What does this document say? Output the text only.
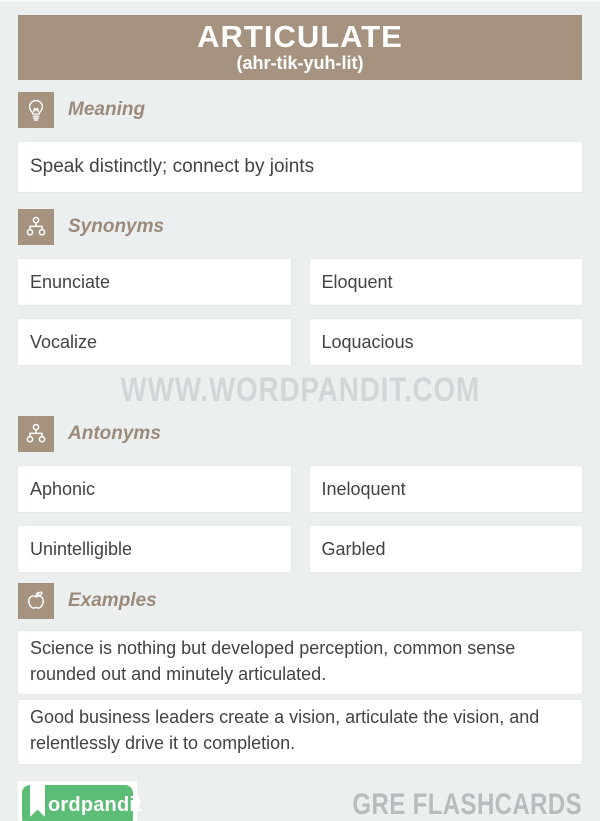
ARTICULATE
(ahr-tik-yuh-lit)
Meaning
Speak distinctly; connect by joints
Synonyms
Enunciate	Eloquent
Vocalize	Loquacious
WWW.WORDPANDIT.COM
Antonyms
Aphonic	Ineloquent
Unintelligible	Garbled
Examples
Science is nothing but developed perception, common sense rounded out and minutely articulated.
Good business leaders create a vision, articulate the vision, and relentlessly drive it to completion.
ordpandit	GRE FLASHCARDS
